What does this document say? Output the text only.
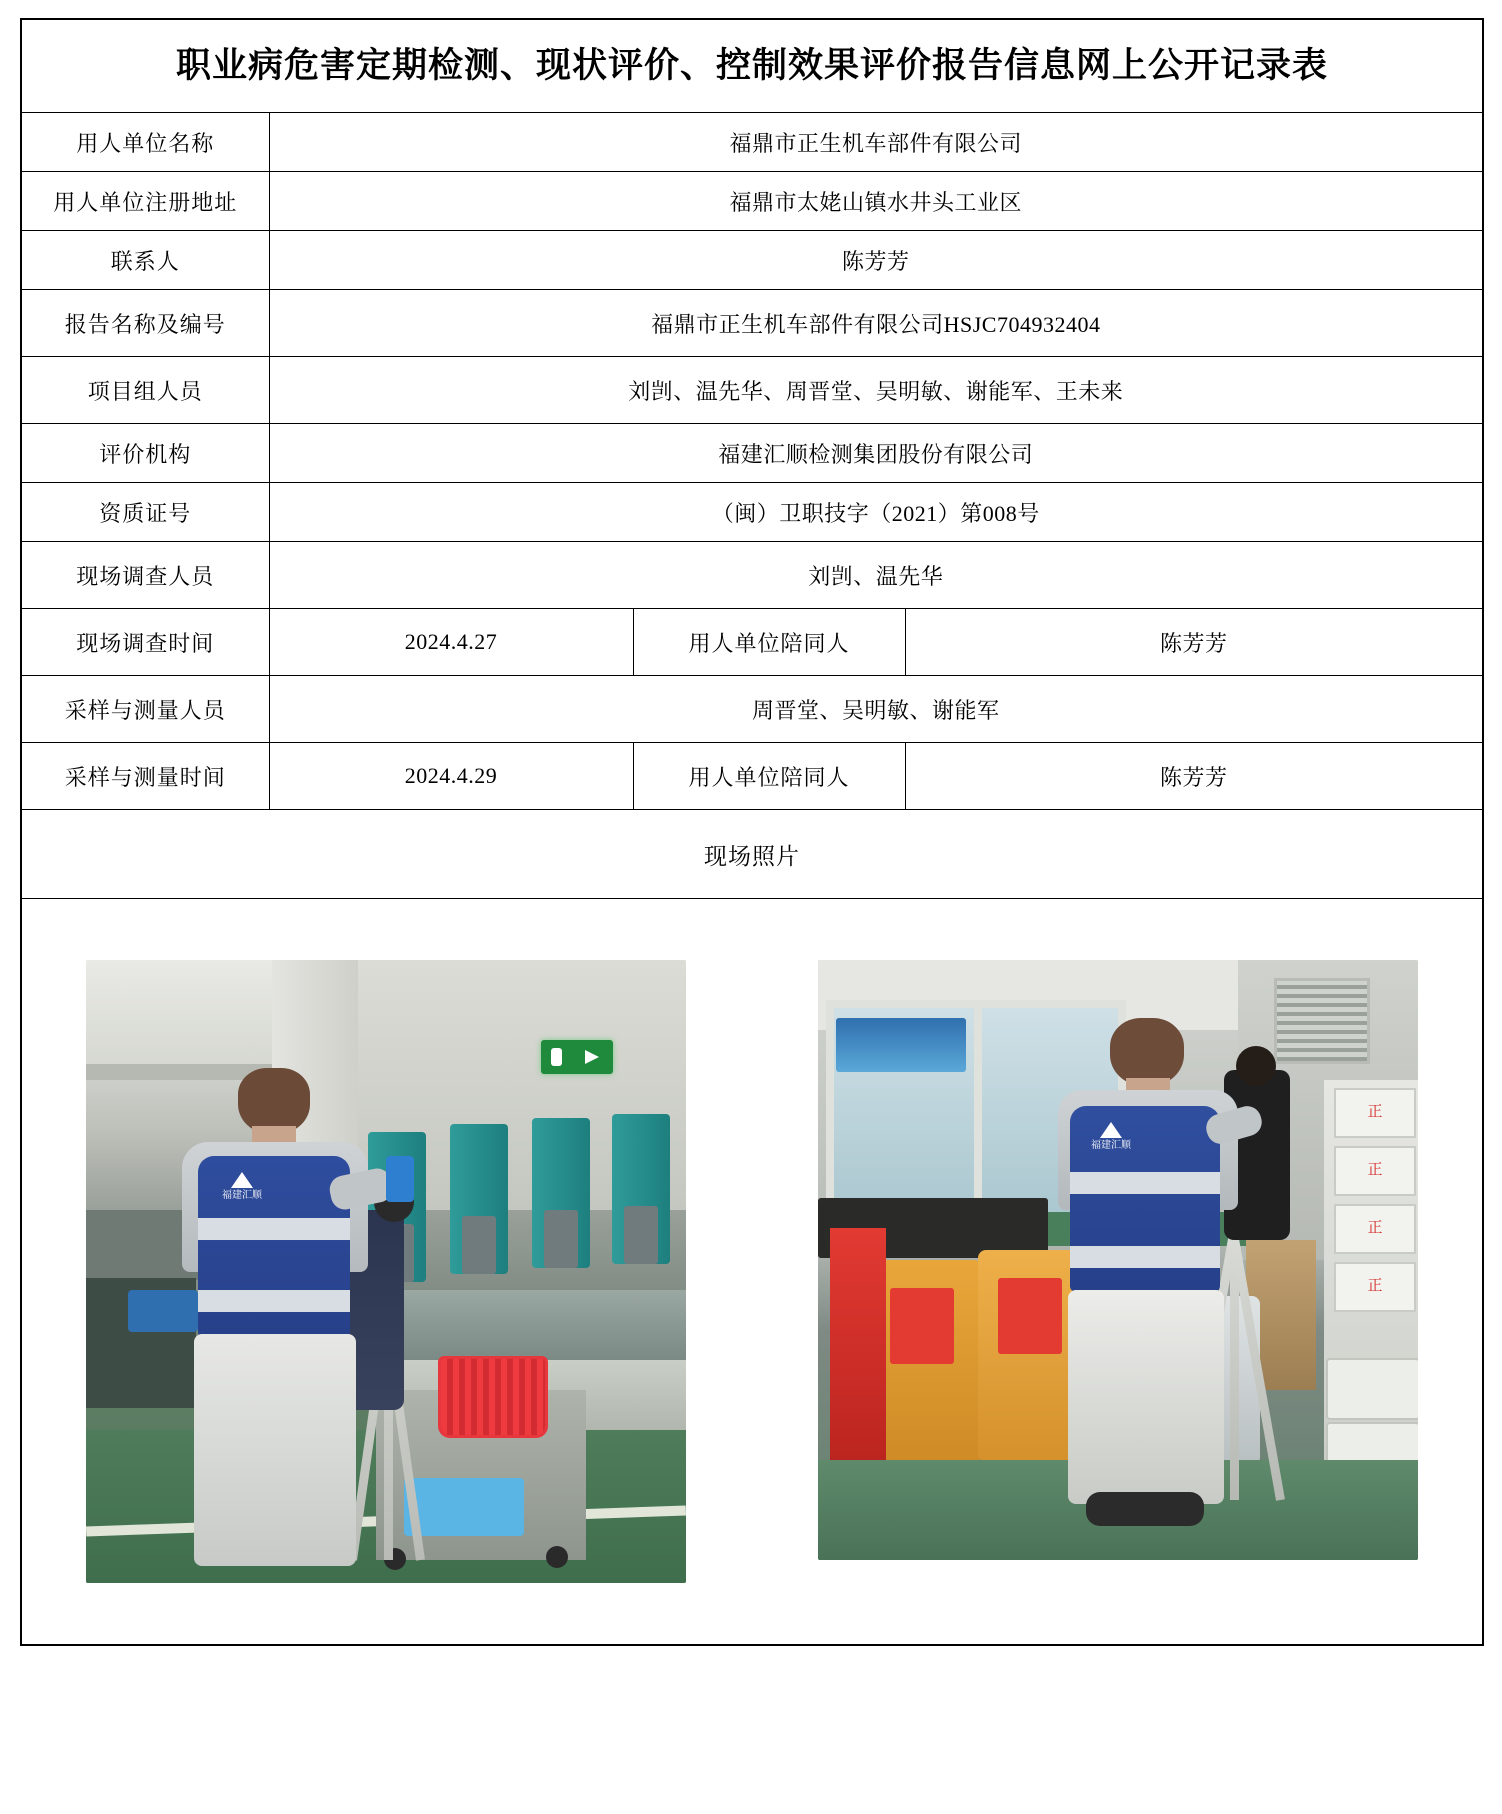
职业病危害定期检测、现状评价、控制效果评价报告信息网上公开记录表			
用人单位名称	福鼎市正生机车部件有限公司		
用人单位注册地址	福鼎市太姥山镇水井头工业区		
联系人	陈芳芳		
报告名称及编号	福鼎市正生机车部件有限公司HSJC704932404		
项目组人员	刘剀、温先华、周晋堂、吴明敏、谢能军、王未来		
评价机构	福建汇顺检测集团股份有限公司		
资质证号	（闽）卫职技字（2021）第008号		
现场调查人员	刘剀、温先华		
现场调查时间	2024.4.27	用人单位陪同人	陈芳芳
采样与测量人员	周晋堂、吴明敏、谢能军		
采样与测量时间	2024.4.29	用人单位陪同人	陈芳芳
现场照片			

福建汇顺
正
正
正
正
福建汇顺
